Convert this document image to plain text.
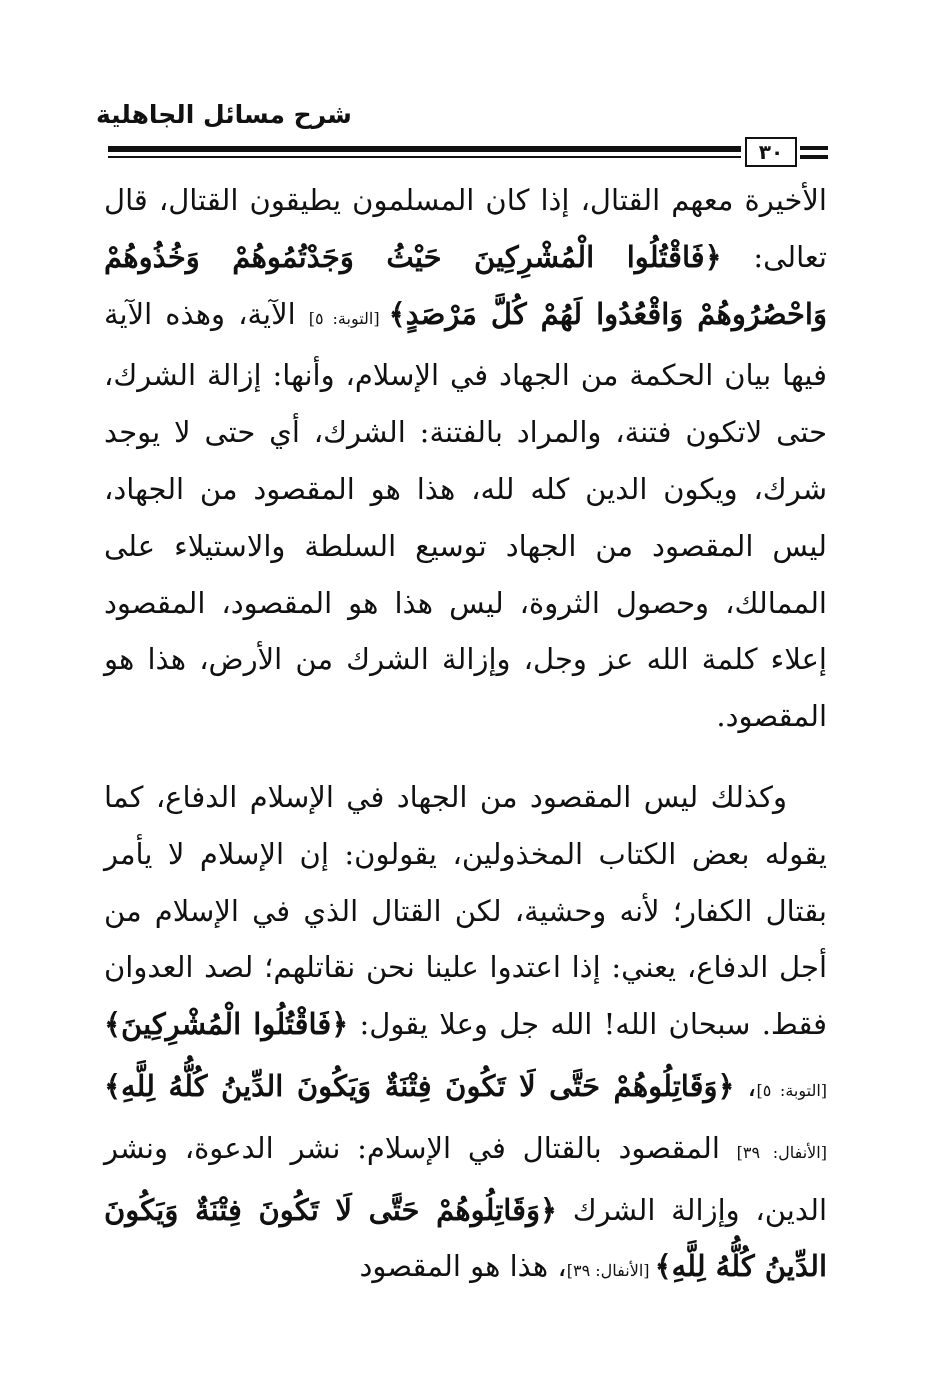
شرح مسائل الجاهلية
٣٠

الأخيرة معهم القتال، إذا كان المسلمون يطيقون القتال، قال تعالى: ﴿فَاقْتُلُوا الْمُشْرِكِينَ حَيْثُ وَجَدْتُمُوهُمْ وَخُذُوهُمْ وَاحْصُرُوهُمْ وَاقْعُدُوا لَهُمْ كُلَّ مَرْصَدٍ﴾ [التوبة: ٥] الآية، وهذه الآية فيها بيان الحكمة من الجهاد في الإسلام، وأنها: إزالة الشرك، حتى لاتكون فتنة، والمراد بالفتنة: الشرك، أي حتى لا يوجد شرك، ويكون الدين كله لله، هذا هو المقصود من الجهاد، ليس المقصود من الجهاد توسيع السلطة والاستيلاء على الممالك، وحصول الثروة، ليس هذا هو المقصود، المقصود إعلاء كلمة الله عز وجل، وإزالة الشرك من الأرض، هذا هو المقصود.

وكذلك ليس المقصود من الجهاد في الإسلام الدفاع، كما يقوله بعض الكتاب المخذولين، يقولون: إن الإسلام لا يأمر بقتال الكفار؛ لأنه وحشية، لكن القتال الذي في الإسلام من أجل الدفاع، يعني: إذا اعتدوا علينا نحن نقاتلهم؛ لصد العدوان فقط. سبحان الله! الله جل وعلا يقول: ﴿فَاقْتُلُوا الْمُشْرِكِينَ﴾ [التوبة: ٥]، ﴿وَقَاتِلُوهُمْ حَتَّى لَا تَكُونَ فِتْنَةٌ وَيَكُونَ الدِّينُ كُلُّهُ لِلَّهِ﴾ [الأنفال: ٣٩] المقصود بالقتال في الإسلام: نشر الدعوة، ونشر الدين، وإزالة الشرك ﴿وَقَاتِلُوهُمْ حَتَّى لَا تَكُونَ فِتْنَةٌ وَيَكُونَ الدِّينُ كُلُّهُ لِلَّهِ﴾ [الأنفال: ٣٩]، هذا هو المقصود
